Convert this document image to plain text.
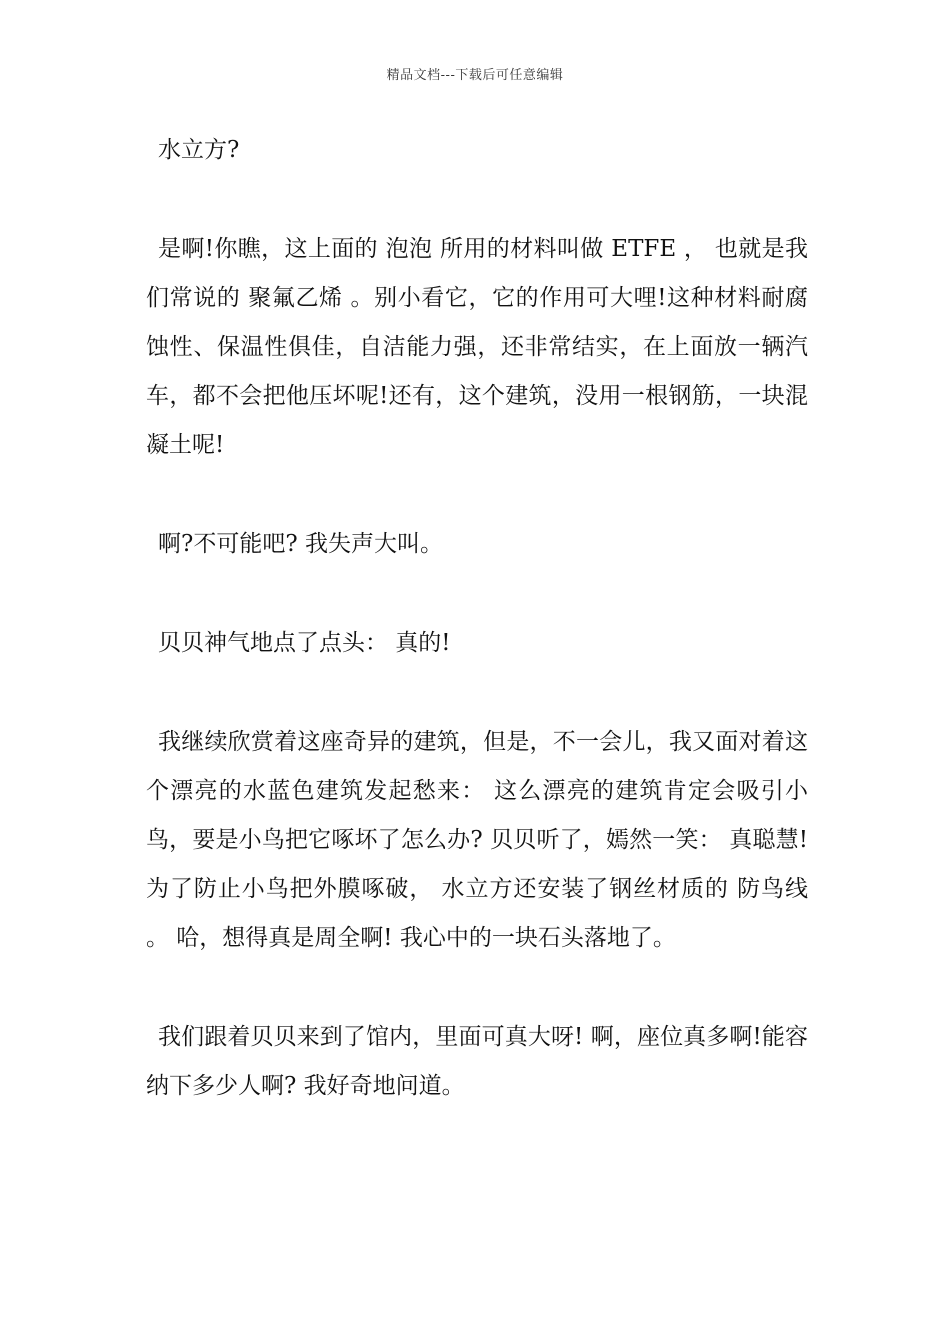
精品文档---下载后可任意编辑

水立方?

是啊!你瞧，这上面的 泡泡 所用的材料叫做 ETFE ， 也就是我们常说的 聚氟乙烯 。别小看它，它的作用可大哩!这种材料耐腐蚀性、保温性俱佳，自洁能力强，还非常结实，在上面放一辆汽车，都不会把他压坏呢!还有，这个建筑，没用一根钢筋，一块混凝土呢!

啊?不可能吧? 我失声大叫。

贝贝神气地点了点头： 真的!

我继续欣赏着这座奇异的建筑，但是，不一会儿，我又面对着这个漂亮的水蓝色建筑发起愁来： 这么漂亮的建筑肯定会吸引小鸟，要是小鸟把它啄坏了怎么办? 贝贝听了，嫣然一笑： 真聪慧!为了防止小鸟把外膜啄破， 水立方还安装了钢丝材质的 防鸟线 。 哈，想得真是周全啊! 我心中的一块石头落地了。

我们跟着贝贝来到了馆内，里面可真大呀! 啊，座位真多啊!能容纳下多少人啊? 我好奇地问道。
